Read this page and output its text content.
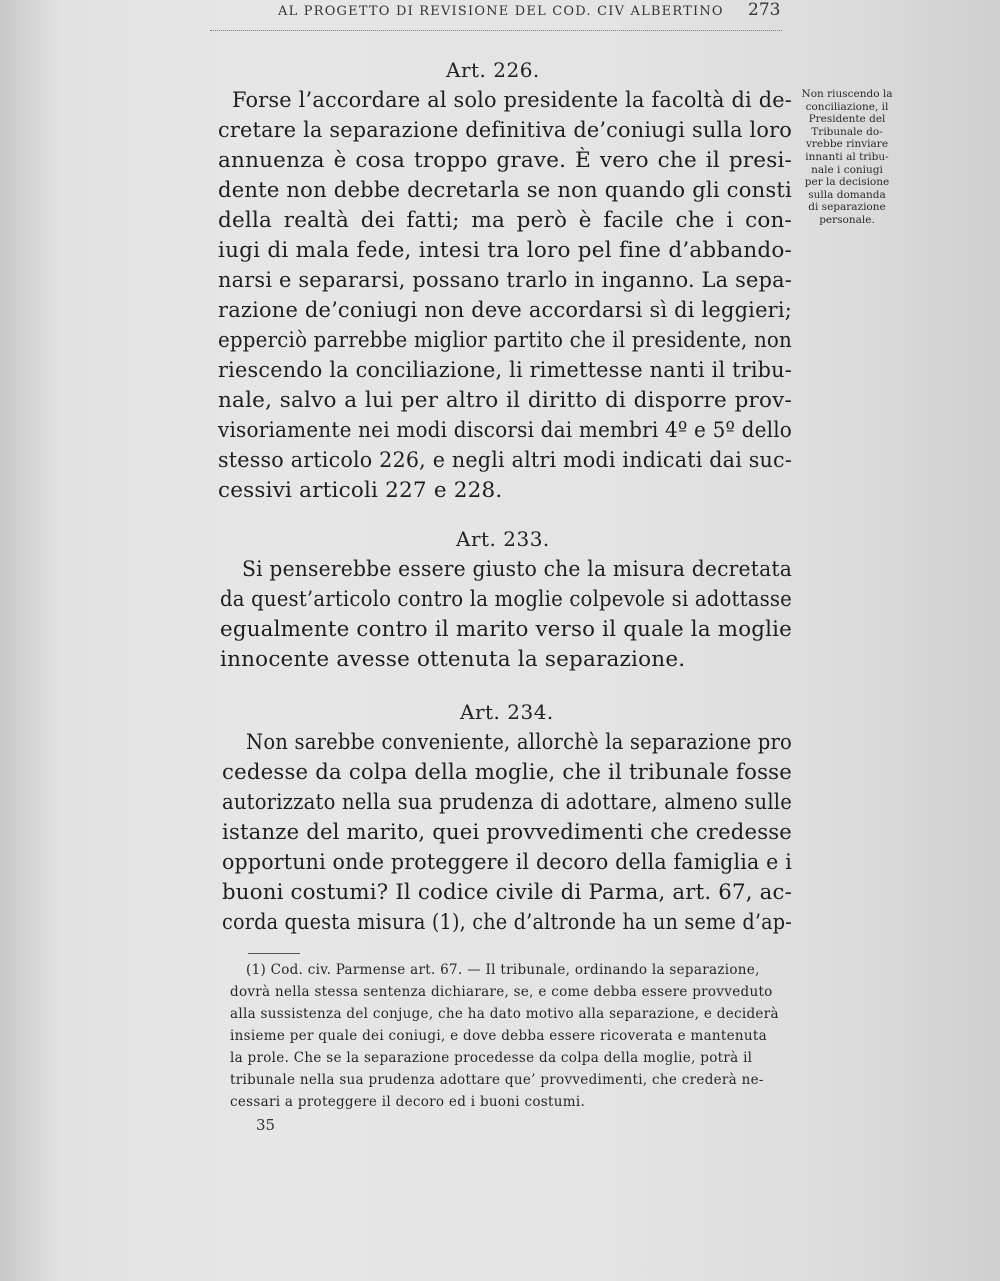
AL PROGETTO DI REVISIONE DEL COD. CIV ALBERTINO 273
Art. 226.
Forse l’accordare al solo presidente la facoltà di de-
cretare la separazione definitiva de’coniugi sulla loro
annuenza è cosa troppo grave. È vero che il presi-
dente non debbe decretarla se non quando gli consti
della realtà dei fatti; ma però è facile che i con-
iugi di mala fede, intesi tra loro pel fine d’abbando-
narsi e separarsi, possano trarlo in inganno. La sepa-
razione de’coniugi non deve accordarsi sì di leggieri;
epperciò parrebbe miglior partito che il presidente, non
riescendo la conciliazione, li rimettesse nanti il tribu-
nale, salvo a lui per altro il diritto di disporre prov-
visoriamente nei modi discorsi dai membri 4º e 5º dello
stesso articolo 226, e negli altri modi indicati dai suc-
cessivi articoli 227 e 228.
Art. 233.
Si penserebbe essere giusto che la misura decretata
da quest’articolo contro la moglie colpevole si adottasse
egualmente contro il marito verso il quale la moglie
innocente avesse ottenuta la separazione.
Art. 234.
Non sarebbe conveniente, allorchè la separazione pro
cedesse da colpa della moglie, che il tribunale fosse
autorizzato nella sua prudenza di adottare, almeno sulle
istanze del marito, quei provvedimenti che credesse
opportuni onde proteggere il decoro della famiglia e i
buoni costumi? Il codice civile di Parma, art. 67, ac-
corda questa misura (1), che d’altronde ha un seme d’ap-
Non riuscendo la
conciliazione, il
Presidente del
Tribunale do-
vrebbe rinviare
innanti al tribu-
nale i coniugi
per la decisione
sulla domanda
di separazione
personale.
(1) Cod. civ. Parmense art. 67. — Il tribunale, ordinando la separazione,
dovrà nella stessa sentenza dichiarare, se, e come debba essere provveduto
alla sussistenza del conjuge, che ha dato motivo alla separazione, e deciderà
insieme per quale dei coniugi, e dove debba essere ricoverata e mantenuta
la prole. Che se la separazione procedesse da colpa della moglie, potrà il
tribunale nella sua prudenza adottare que’ provvedimenti, che crederà ne-
cessari a proteggere il decoro ed i buoni costumi.
35
